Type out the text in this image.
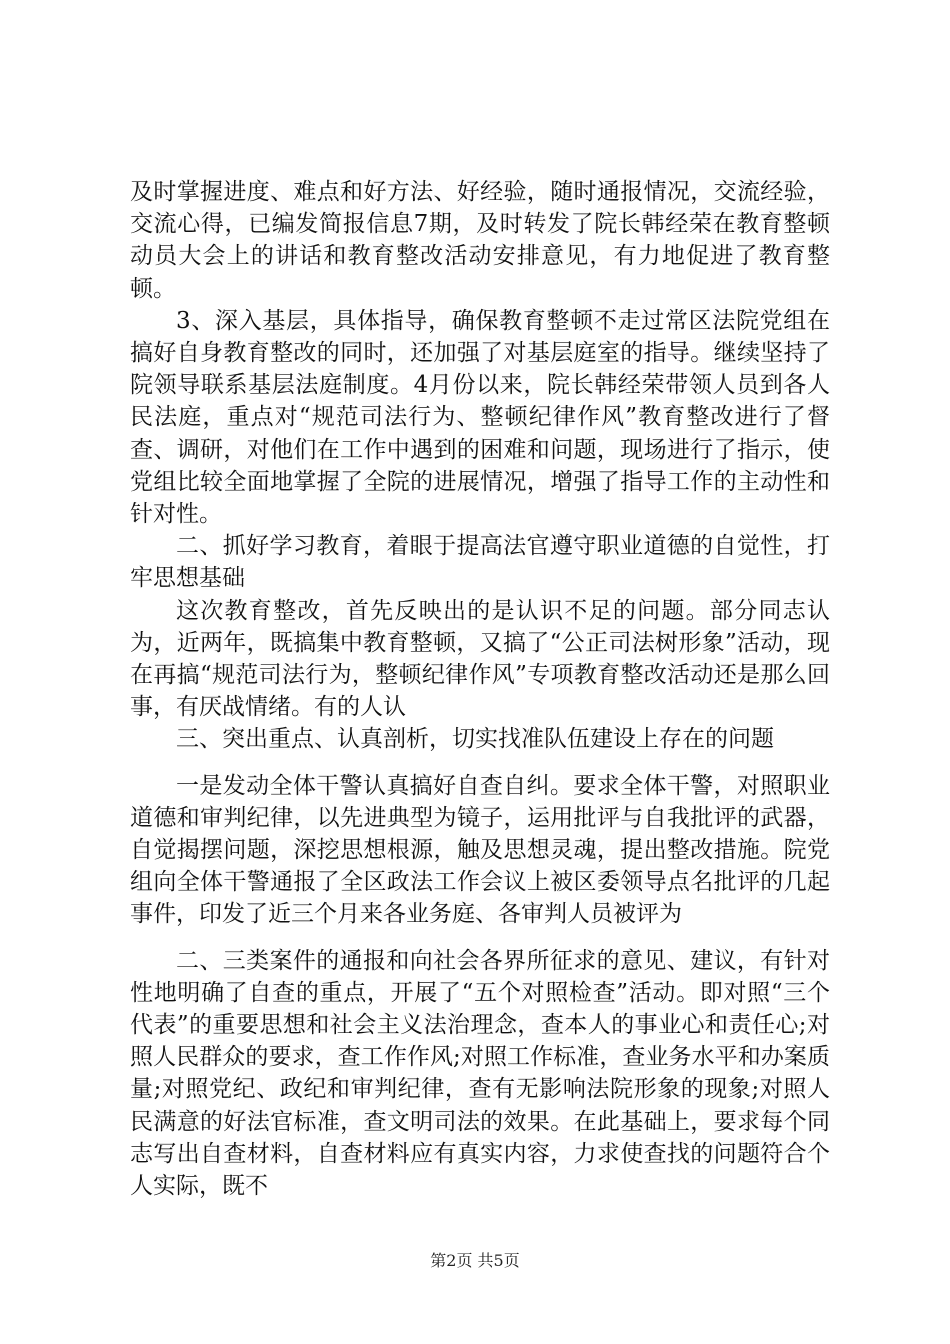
及时掌握进度、难点和好方法、好经验，随时通报情况，交流经验，交流心得，已编发简报信息7期，及时转发了院长韩经荣在教育整顿动员大会上的讲话和教育整改活动安排意见，有力地促进了教育整顿。

3、深入基层，具体指导，确保教育整顿不走过常区法院党组在搞好自身教育整改的同时，还加强了对基层庭室的指导。继续坚持了院领导联系基层法庭制度。4月份以来，院长韩经荣带领人员到各人民法庭，重点对“规范司法行为、整顿纪律作风”教育整改进行了督查、调研，对他们在工作中遇到的困难和问题，现场进行了指示，使党组比较全面地掌握了全院的进展情况，增强了指导工作的主动性和针对性。

二、抓好学习教育，着眼于提高法官遵守职业道德的自觉性，打牢思想基础

这次教育整改，首先反映出的是认识不足的问题。部分同志认为，近两年，既搞集中教育整顿，又搞了“公正司法树形象”活动，现在再搞“规范司法行为，整顿纪律作风”专项教育整改活动还是那么回事，有厌战情绪。有的人认

三、突出重点、认真剖析，切实找准队伍建设上存在的问题

一是发动全体干警认真搞好自查自纠。要求全体干警，对照职业道德和审判纪律，以先进典型为镜子，运用批评与自我批评的武器，自觉揭摆问题，深挖思想根源，触及思想灵魂，提出整改措施。院党组向全体干警通报了全区政法工作会议上被区委领导点名批评的几起事件，印发了近三个月来各业务庭、各审判人员被评为

二、三类案件的通报和向社会各界所征求的意见、建议，有针对性地明确了自查的重点，开展了“五个对照检查”活动。即对照“三个代表”的重要思想和社会主义法治理念，查本人的事业心和责任心;对照人民群众的要求，查工作作风;对照工作标准，查业务水平和办案质量;对照党纪、政纪和审判纪律，查有无影响法院形象的现象;对照人民满意的好法官标准，查文明司法的效果。在此基础上，要求每个同志写出自查材料，自查材料应有真实内容，力求使查找的问题符合个人实际，既不

第2页 共5页
